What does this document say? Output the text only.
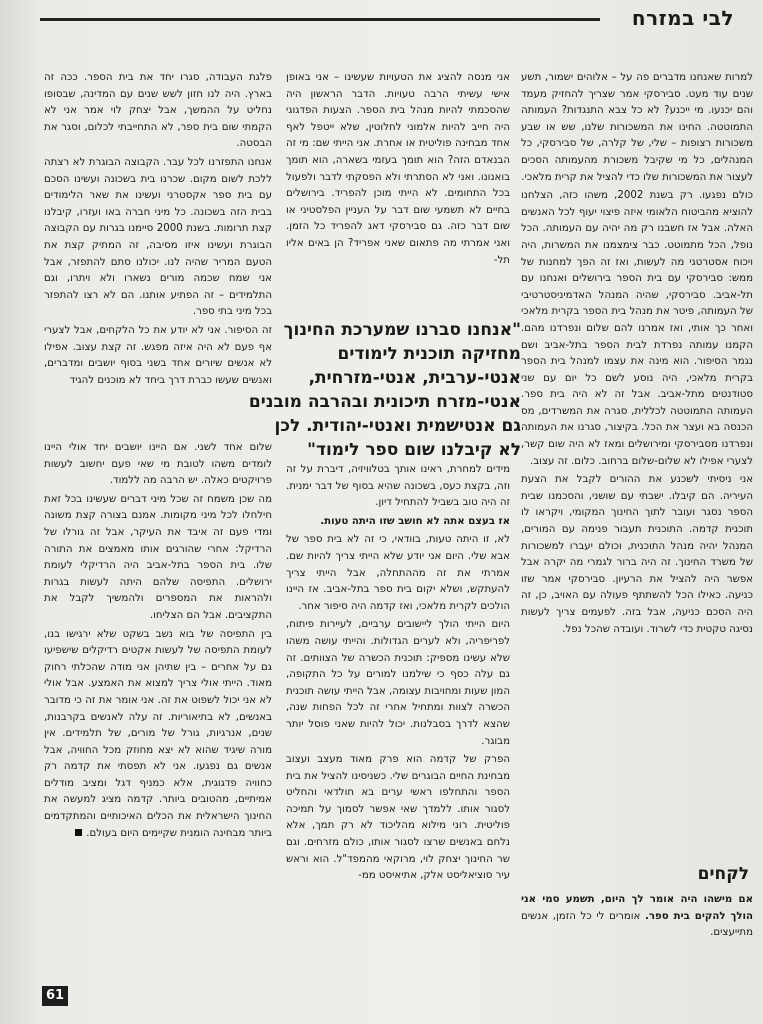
לבי במזרח

למרות שאנחנו מדברים פה על – אלוהים ישמור, תשע שנים עוד מעט. סבירסקי אמר שצריך להחזיק מעמד והם יכנעו. מי ייכנע? לא כל צבא התנגדות? העמותה התמוטטה. החינו את המשכורות שלנו, שש או שבע משכורות רצופות – שלי, של קלרה, של סבירסקי, כל המנהלים, כל מי שקיבל משכורת מהעמותה הסכים לעצור את המשכורות שלו כדי להציל את קרית מלאכי.

כולם נפגעו. רק בשנת 2002, משהו כזה, הצלחנו להוציא מהביטוח הלאומי איזה פיצוי יעוף לכל האנשים האלה. אבל אז חשבנו רק מה יהיה עם העמותה. הכל נופל, הכל מתמוטט. כבר צימצמנו את המשרות, היה ויכוח אסטרטגי מה לעשות, ואז זה הפך למחנות של ממש: סבירסקי עם בית הספר בירושלים ואנחנו עם תל-אביב. סבירסקי, שהיה המנהל האדמיניסטרטיבי של העמותה, פיטר את מנהל בית הספר בקרית מלאכי ואחר כך אותי, ואז אמרנו להם שלום ונפרדנו מהם. הקמנו עמותה נפרדת לבית הספר בתל-אביב ושם נגמר הסיפור. הוא מינה את עצמו למנהל בית הספר בקרית מלאכי, היה נוסע לשם כל יום עם שני סטודנטים מתל-אביב. אבל זה לא היה בית ספר. העמותה התמוטטה לכללית, סגרה את המשרדים, מס הכנסה בא ועצר את הכל. בקיצור, סגרנו את העמותה ונפרדנו מסבירסקי ומירושלים ומאז לא היה שום קשר, לצערי אפילו לא שלום-שלום ברחוב. כלום. זה עצוב.

אני ניסיתי לשכנע את ההורים לקבל את הצעת העיריה. הם קיבלו. ישבתי עם שושני, והסכמנו שבית הספר נסגר ועובר לתוך החינוך המקומי, ויקראו לו תוכנית קדמה. התוכנית תעבור פנימה עם המורים, המנהל יהיה מנהל התוכנית, וכולם יעברו למשכורות של משרד החינוך. זה היה ברור לגמרי מה יקרה אבל אפשר היה להציל את הרעיון. סבירסקי אמר שזו כניעה. כאילו הכל להשתתף פעולה עם האויב, כן, זה היה הסכם כניעה, אבל בזה. לפעמים צריך לעשות נסיגה טקטית כדי לשרוד. ועובדה שהכל נפל.

אני מנסה להציג את הטעויות שעשינו – אני באופן אישי עשיתי הרבה טעויות. הדבר הראשון היה שהסכמתי להיות מנהל בית הספר. הצעות הפדגוגי היה חייב להיות אלמוני לחלוטין, שלא ייטפל לאף אחד מבחינה פוליטית או אחרת. אני הייתי שם: מי זה הבנאדם הזה? הוא תומך בעזמי בשארה, הוא תומך בואנונו. ואני לא הסתרתי ולא הפסקתי לדבר ולפעול בכל התחומים. לא הייתי מוכן להפריד. בירושלים בחיים לא תשמעי שום דבר על העניין הפלסטיני או שום דבר כזה. גם סבירסקי דאג להפריד כל הזמן. ואני אמרתי מה פתאום שאני אפריד? הן באים אליו תל-

פלגת העבודה, סגרו יחד את בית הספר. ככה זה בארץ. היה לנו חזון לשש שנים עם המדינה, שבסופו נחליט על ההמשך, אבל יצחק לוי אמר אני לא הקמתי שום בית ספר, לא התחייבתי לכלום, וסגר את הבסטה.

אנחנו התפזרנו לכל עבר. הקבוצה הבוגרת לא רצתה ללכת לשום מקום. שכרנו בית בשכונה ועשינו הסכם עם בית ספר אקסטרני ועשינו את שאר הלימודים בבית הזה בשכונה. כל מיני חברה באו ועזרו, קיבלנו קצת תרומות. בשנת 2000 סיימנו בגרות עם הקבוצה הבוגרת ועשינו איזו מסיבה, זה המתיק קצת את הטעם המריר שהיה לנו. יכולנו סתם להתפזר, אבל אני שמח שכמה מורים נשארו ולא ויתרו, וגם התלמידים – זה הפתיע אותנו. הם לא רצו להתפזר בכל מיני בתי ספר.

זה הסיפור. אני לא יודע את כל הלקחים, אבל לצערי אף פעם לא היה איזה מפגש. זה קצת עצוב. אפילו לא אנשים שיורים אחד בשני בסוף יושבים ומדברים, ואנשים שעשו כברת דרך ביחד לא מוכנים להגיד

"אנחנו סברנו שמערכת החינוך מחזיקה תוכנית לימודים אנטי-ערבית, אנטי-מזרחית, אנטי-מזרח תיכונית ובהרבה מובנים גם אנטישמית ואנטי-יהודית. לכן לא קיבלנו שום ספר לימוד"

מידים למחרת, ראינו אותך בטלוויזיה, דיברת על זה וזה, בקצת כעס, בשכונה שהיא בסוף של דבר ימנית. זה היה טוב בשביל להתחיל דיון.

אז בעצם אתה לא חושב שזו היתה טעות.

לא, זו היתה טעות, בוודאי, כי זה לא בית ספר של אבא שלי. היום אני יודע שלא הייתי צריך להיות שם. אמרתי את זה מההתחלה, אבל הייתי צריך להעתקש, ושלא יקום בית ספר בתל-אביב. אז היינו הולכים לקרית מלאכי, ואז קדמה היה סיפור אחר.

היום הייתי הולך ליישובים ערביים, לעיירות פיתוח, לפריפריה, ולא לערים הגדולות. והייתי עושה משהו שלא עשינו מספיק: תוכנית הכשרה של הצוותים. זה גם עלה כסף כי שילמנו למורים על כל התקופה, המון שעות ומחויבות עצומה, אבל הייתי עושה תוכנית הכשרה לצוות ומתחיל אחרי זה לכל הפחות שנה, שהצא לדרך בסבלנות. יכול להיות שאני פוסל יותר מבוגר.

הפרק של קדמה הוא פרק מאוד מעצב ועצוב מבחינת החיים הבוגרים שלי. כשניסינו להציל את בית הספר והתחלפו ראשי ערים בא חולדאי והחליט לסגור אותו. ללמדך שאי אפשר לסמוך על תמיכה פוליטית. רוני מילוא מהליכוד לא רק תמך, אלא נלחם באנשים שרצו לסגור אותו, כולם מזרחים. וגם שר החינוך יצחק לוי, מרוקאי מהמפד"ל. הוא וראש עיר סוציאליסט אלק, אתיאיסט ממ-

שלום אחד לשני. אם היינו יושבים יחד אולי היינו לומדים משהו לטובת מי שאי פעם יחשוב לעשות פרויקטים כאלה. יש הרבה מה ללמוד.

מה שכן משמח זה שכל מיני דברים שעשינו בכל זאת חילחלו לכל מיני מקומות. אמנם בצורה קצת משונה ומדי פעם זה איבד את העיקר, אבל זה גורלו של הרדיקל: אחרי שהורגים אותו מאמצים את התורה שלו. בית הספר בתל-אביב היה הרדיקלי לעומת ירושלים. התפיסה שלהם היתה לעשות בגרות ולהראות את המספרים ולהמשיך לקבל את התקציבים. אבל הם הצליחו.

בין התפיסה של בוא נשב בשקט שלא ירגישו בנו, לעומת התפיסה של לעשות אקטים רדיקלים שישפיעו גם על אחרים – בין שתיהן אני מודה שהכלתי רחוק מאוד. הייתי אולי צריך למצוא את האמצע. אבל אולי לא אני יכול לשפוט את זה. אני אומר את זה כי מדובר באנשים, לא בתיאוריות. זה עלה לאנשים בקרבנות, שנים, אנרגיות, גורל של מורים, של תלמידים. אין מורה שיגיד שהוא לא יצא מחוזק מכל החוויה, אבל אנשים גם נפגעו. אני לא תפסתי את קדמה רק כחוויה פדגוגית, אלא כמניף דגל ומציב מודלים אמיתיים, מהטובים ביותר. קדמה מציג למעשה את החינוך הישראלית את הכלים האיכותיים והמתקדמים ביותר מבחינה הומנית שקיימים היום בעולם.

לקחים
אם מישהו היה אומר לך היום, תשמע סמי אני הולך להקים בית ספר. אומרים לי כל הזמן, אנשים מתייעצים.
61
